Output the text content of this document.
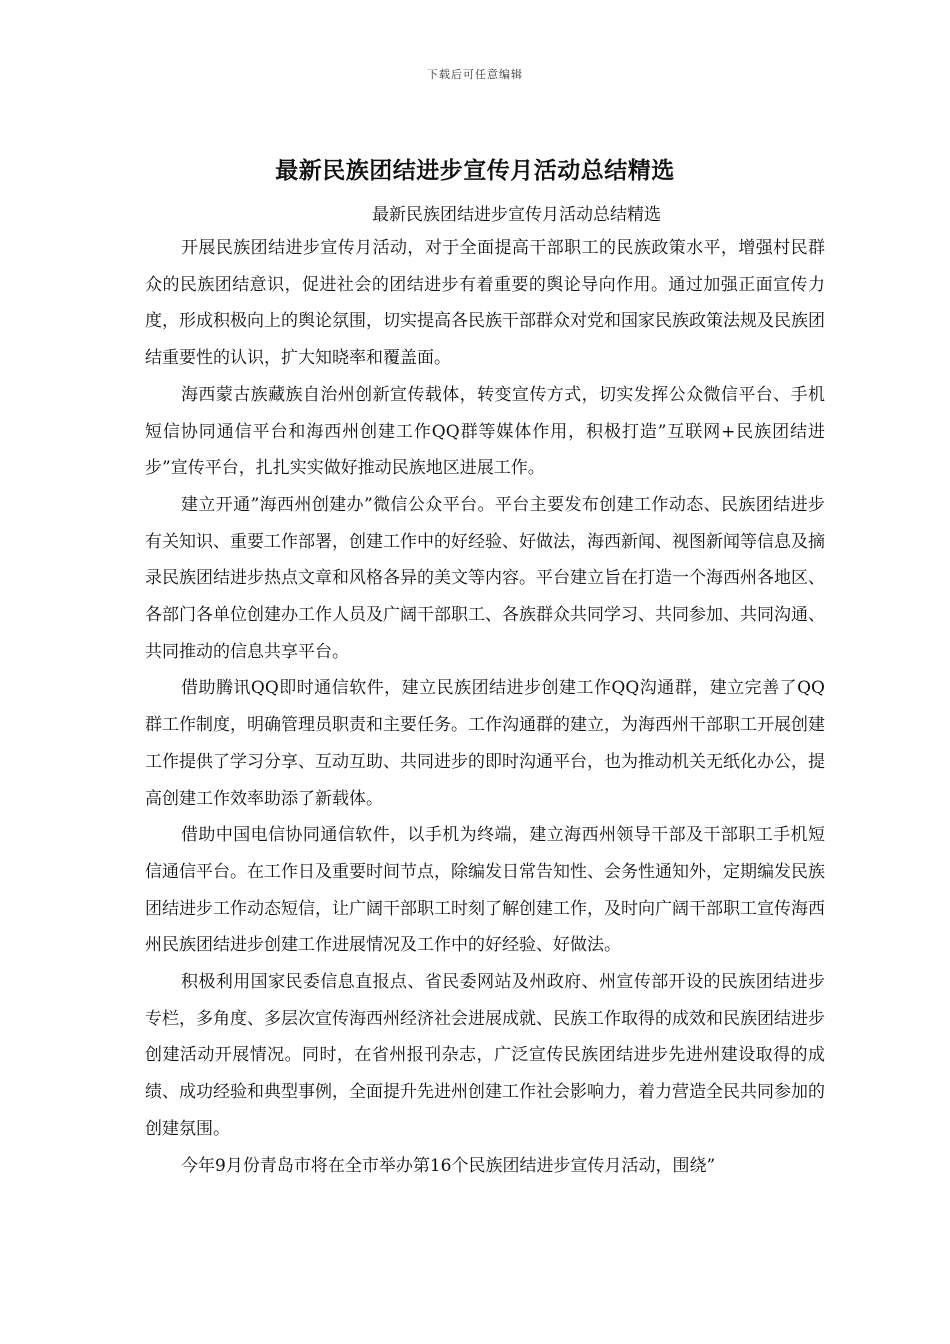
下载后可任意编辑
最新民族团结进步宣传月活动总结精选
最新民族团结进步宣传月活动总结精选

开展民族团结进步宣传月活动，对于全面提高干部职工的民族政策水平，增强村民群众的民族团结意识，促进社会的团结进步有着重要的舆论导向作用。通过加强正面宣传力度，形成积极向上的舆论氛围，切实提高各民族干部群众对党和国家民族政策法规及民族团结重要性的认识，扩大知晓率和覆盖面。

海西蒙古族藏族自治州创新宣传载体，转变宣传方式，切实发挥公众微信平台、手机短信协同通信平台和海西州创建工作QQ群等媒体作用，积极打造”互联网+民族团结进步”宣传平台，扎扎实实做好推动民族地区进展工作。

建立开通”海西州创建办”微信公众平台。平台主要发布创建工作动态、民族团结进步有关知识、重要工作部署，创建工作中的好经验、好做法，海西新闻、视图新闻等信息及摘录民族团结进步热点文章和风格各异的美文等内容。平台建立旨在打造一个海西州各地区、各部门各单位创建办工作人员及广阔干部职工、各族群众共同学习、共同参加、共同沟通、共同推动的信息共享平台。

借助腾讯QQ即时通信软件，建立民族团结进步创建工作QQ沟通群，建立完善了QQ群工作制度，明确管理员职责和主要任务。工作沟通群的建立，为海西州干部职工开展创建工作提供了学习分享、互动互助、共同进步的即时沟通平台，也为推动机关无纸化办公，提高创建工作效率助添了新载体。

借助中国电信协同通信软件，以手机为终端，建立海西州领导干部及干部职工手机短信通信平台。在工作日及重要时间节点，除编发日常告知性、会务性通知外，定期编发民族团结进步工作动态短信，让广阔干部职工时刻了解创建工作，及时向广阔干部职工宣传海西州民族团结进步创建工作进展情况及工作中的好经验、好做法。

积极利用国家民委信息直报点、省民委网站及州政府、州宣传部开设的民族团结进步专栏，多角度、多层次宣传海西州经济社会进展成就、民族工作取得的成效和民族团结进步创建活动开展情况。同时，在省州报刊杂志，广泛宣传民族团结进步先进州建设取得的成绩、成功经验和典型事例，全面提升先进州创建工作社会影响力，着力营造全民共同参加的创建氛围。

今年9月份青岛市将在全市举办第16个民族团结进步宣传月活动，围绕”
